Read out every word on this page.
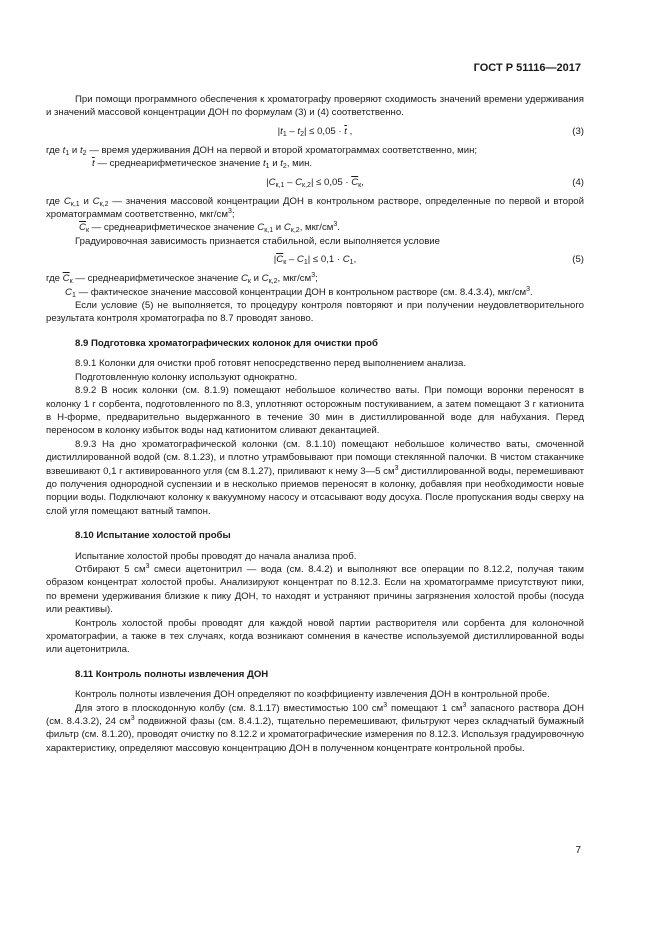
ГОСТ Р 51116—2017

При помощи программного обеспечения к хроматографу проверяют сходимость значений времени удерживания и значений массовой концентрации ДОН по формулам (3) и (4) соответственно.

$|t_1 - t_2| \le 0,05 \cdot \overline{t}$ ,	(3)

где $t_1$ и $t_2$ — время удерживания ДОН на первой и второй хроматограммах соответственно, мин;

$\overline{t}$ — среднеарифметическое значение $t_1$ и $t_2$, мин.

$|C_{к,1} - C_{к,2}| \le 0,05 \cdot \overline{C}_к$,	(4)

где $C_{к,1}$ и $C_{к,2}$ — значения массовой концентрации ДОН в контрольном растворе, определенные по первой и второй хроматограммам соответственно, мкг/$см^3$;

$\overline{C}_к$ — среднеарифметическое значение $C_{к,1}$ и $C_{к,2}$, мкг/$см^3$.

Градуировочная зависимость признается стабильной, если выполняется условие

$|\overline{C}_к - C_1| \le 0,1 \cdot C_1$,	(5)

где $\overline{C}_к$ — среднеарифметическое значение $C_к$ и $C_{к,2}$, мкг/$см^3$;

$C_1$ — фактическое значение массовой концентрации ДОН в контрольном растворе (см. 8.4.3.4), мкг/$см^3$.

Если условие (5) не выполняется, то процедуру контроля повторяют и при получении неудовлетворительного результата контроля хроматографа по 8.7 проводят заново.

8.9 Подготовка хроматографических колонок для очистки проб

8.9.1 Колонки для очистки проб готовят непосредственно перед выполнением анализа.

Подготовленную колонку используют однократно.

8.9.2 В носик колонки (см. 8.1.9) помещают небольшое количество ваты. При помощи воронки переносят в колонку 1 г сорбента, подготовленного по 8.3, уплотняют осторожным постукиванием, а затем помещают 3 г катионита в Н-форме, предварительно выдержанного в течение 30 мин в дистиллированной воде для набухания. Перед переносом в колонку избыток воды над катионитом сливают декантацией.

8.9.3 На дно хроматографической колонки (см. 8.1.10) помещают небольшое количество ваты, смоченной дистиллированной водой (см. 8.1.23), и плотно утрамбовывают при помощи стеклянной палочки. В чистом стаканчике взвешивают 0,1 г активированного угля (см 8.1.27), приливают к нему 3—5 $см^3$ дистиллированной воды, перемешивают до получения однородной суспензии и в несколько приемов переносят в колонку, добавляя при необходимости новые порции воды. Подключают колонку к вакуумному насосу и отсасывают воду досуха. После пропускания воды сверху на слой угля помещают ватный тампон.

8.10 Испытание холостой пробы

Испытание холостой пробы проводят до начала анализа проб.

Отбирают 5 $см^3$ смеси ацетонитрил — вода (см. 8.4.2) и выполняют все операции по 8.12.2, получая таким образом концентрат холостой пробы. Анализируют концентрат по 8.12.3. Если на хроматограмме присутствуют пики, по времени удерживания близкие к пику ДОН, то находят и устраняют причины загрязнения холостой пробы (посуда или реактивы).

Контроль холостой пробы проводят для каждой новой партии растворителя или сорбента для колоночной хроматографии, а также в тех случаях, когда возникают сомнения в качестве используемой дистиллированной воды или ацетонитрила.

8.11 Контроль полноты извлечения ДОН

Контроль полноты извлечения ДОН определяют по коэффициенту извлечения ДОН в контрольной пробе.

Для этого в плоскодонную колбу (см. 8.1.17) вместимостью 100 $см^3$ помещают 1 $см^3$ запасного раствора ДОН (см. 8.4.3.2), 24 $см^3$ подвижной фазы (см. 8.4.1.2), тщательно перемешивают, фильтруют через складчатый бумажный фильтр (см. 8.1.20), проводят очистку по 8.12.2 и хроматографические измерения по 8.12.3. Используя градуировочную характеристику, определяют массовую концентрацию ДОН в полученном концентрате контрольной пробы.

7
